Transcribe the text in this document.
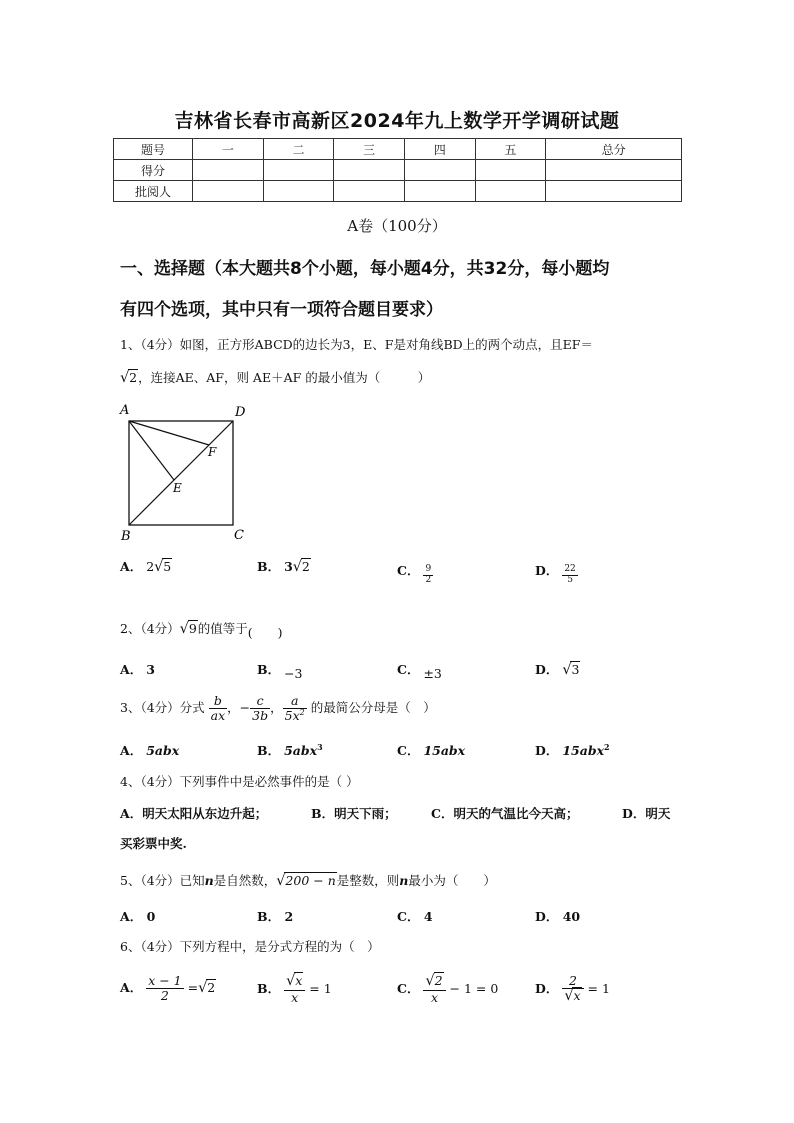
吉林省长春市高新区2024年九上数学开学调研试题
题号	一	二	三	四	五	总分
得分						
批阅人						
A卷（100分）
一、选择题（本大题共8个小题，每小题4分，共32分，每小题均
有四个选项，其中只有一项符合题目要求）
1、（4分）如图，正方形ABCD的边长为3，E、F是对角线BD上的两个动点，且EF＝
√2，连接AE、AF，则 AE＋AF 的最小值为（　　　）
A	D
B	C
E
F
A． 2√5	B． 3√2	C． $\frac{9}{2}$	D． $\frac{22}{5}$
2、（4分）√9的值等于(　　)
A． 3	B． −3	C． ±3	D． √3
3、（4分）分式 $\frac{b}{ax}$ ，− $\frac{c}{3b}$ ， $\frac{a}{5x^2}$ 的最简公分母是（　）
A． 5abx	B． 5abx$^3$	C． 15abx	D． 15abx$^2$
4、（4分）下列事件中是必然事件的是（ ）
A．明天太阳从东边升起；	B．明天下雨；	C．明天的气温比今天高；	D．明天
买彩票中奖.
5、（4分）已知n是自然数，√200 − n是整数，则n最小为（　　）
A． 0	B． 2	C． 4	D． 40
6、（4分）下列方程中，是分式方程的为（　）
A． $\frac{x - 1}{2} =√2$	B． $\frac{√x}{x} = 1$	C． $\frac{√2}{x} - 1 = 0$	D． $\frac{2}{√x} = 1$
